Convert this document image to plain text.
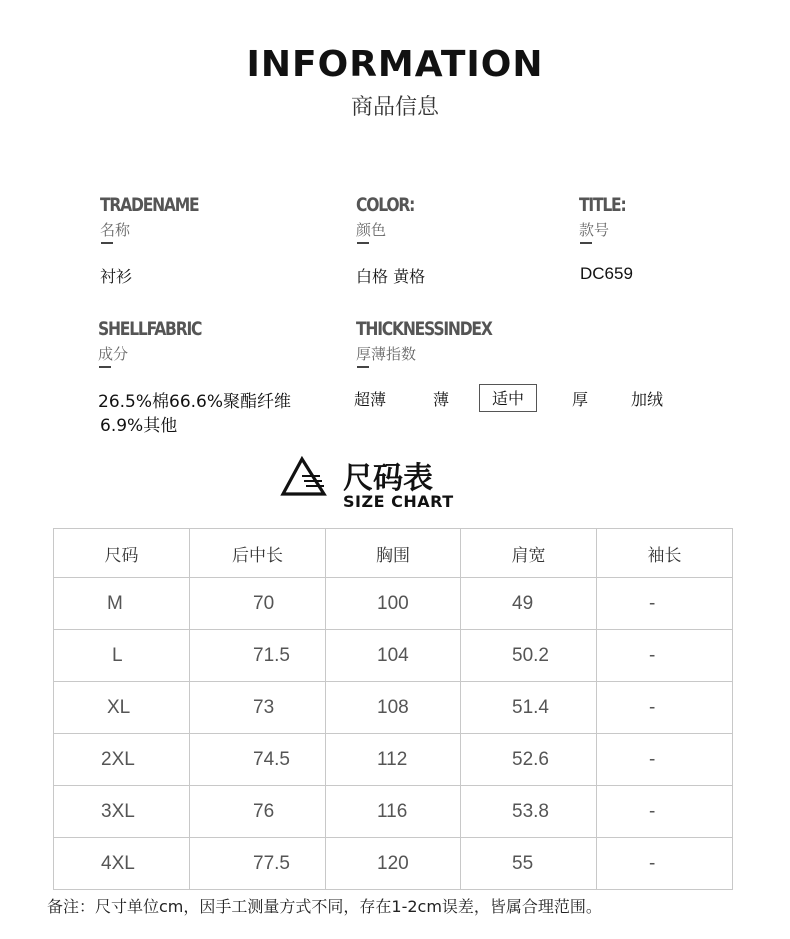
INFORMATION
商品信息
TRADENAME
名称
衬衫
COLOR:
颜色
白格 黄格
TITLE:
款号
DC659
SHELLFABRIC
成分
26.5%棉66.6%聚酯纤维
6.9%其他
THICKNESSINDEX
厚薄指数
超薄	薄	适中	厚	加绒
尺码表
SIZE CHART
尺码	后中长	胸围	肩宽	袖长
M	70	100	49	-
L	71.5	104	50.2	-
XL	73	108	51.4	-
2XL	74.5	112	52.6	-
3XL	76	116	53.8	-
4XL	77.5	120	55	-
备注：尺寸单位cm，因手工测量方式不同，存在1-2cm误差，皆属合理范围。
